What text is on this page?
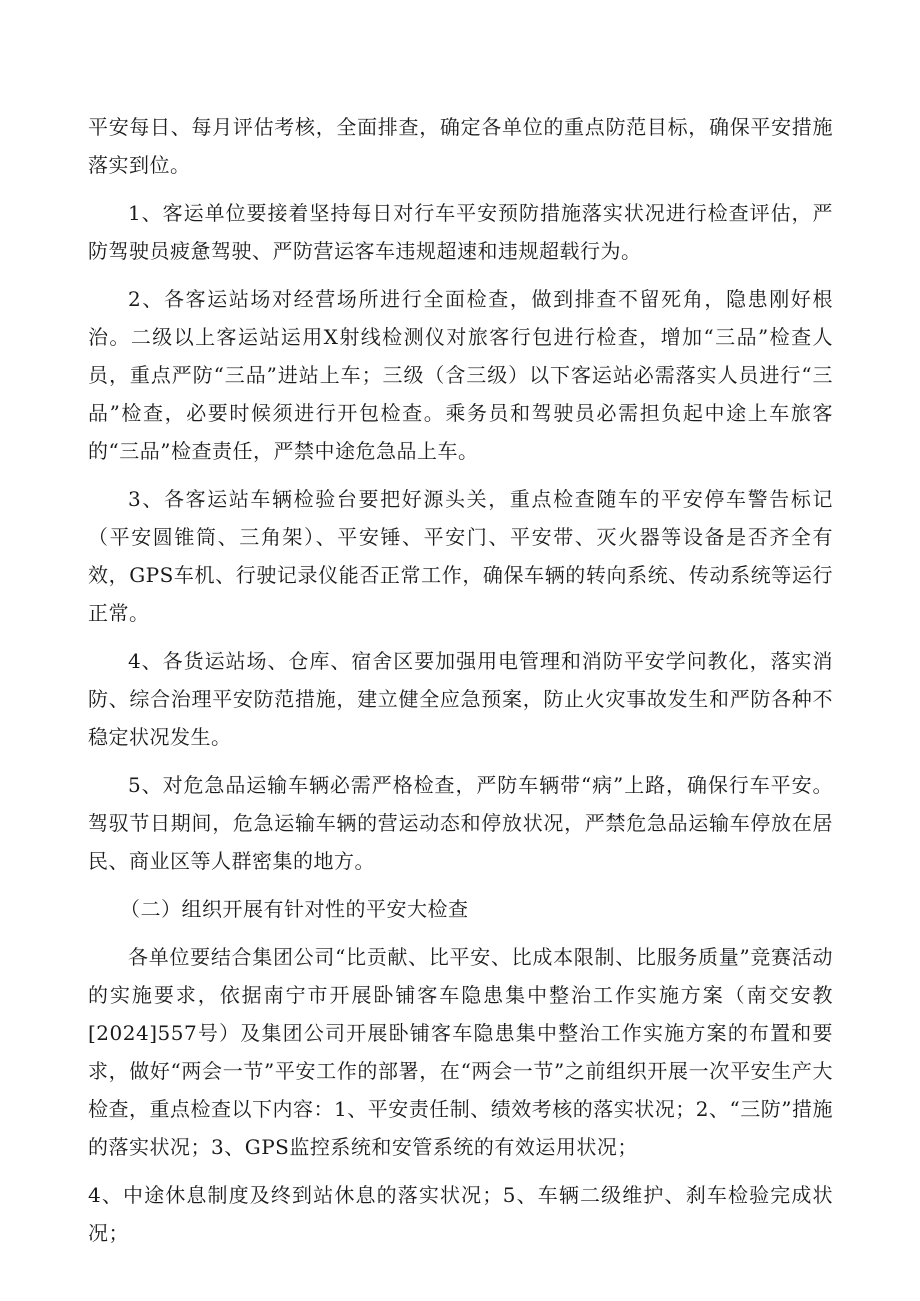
平安每日、每月评估考核，全面排查，确定各单位的重点防范目标，确保平安措施落实到位。

1、客运单位要接着坚持每日对行车平安预防措施落实状况进行检查评估，严防驾驶员疲惫驾驶、严防营运客车违规超速和违规超载行为。

2、各客运站场对经营场所进行全面检查，做到排查不留死角，隐患刚好根治。二级以上客运站运用X射线检测仪对旅客行包进行检查，增加“三品”检查人员，重点严防“三品”进站上车；三级（含三级）以下客运站必需落实人员进行“三品”检查，必要时候须进行开包检查。乘务员和驾驶员必需担负起中途上车旅客的“三品”检查责任，严禁中途危急品上车。

3、各客运站车辆检验台要把好源头关，重点检查随车的平安停车警告标记（平安圆锥筒、三角架）、平安锤、平安门、平安带、灭火器等设备是否齐全有效，GPS车机、行驶记录仪能否正常工作，确保车辆的转向系统、传动系统等运行正常。

4、各货运站场、仓库、宿舍区要加强用电管理和消防平安学问教化，落实消防、综合治理平安防范措施，建立健全应急预案，防止火灾事故发生和严防各种不稳定状况发生。

5、对危急品运输车辆必需严格检查，严防车辆带“病”上路，确保行车平安。驾驭节日期间，危急运输车辆的营运动态和停放状况，严禁危急品运输车停放在居民、商业区等人群密集的地方。

（二）组织开展有针对性的平安大检查

各单位要结合集团公司“比贡献、比平安、比成本限制、比服务质量”竞赛活动的实施要求，依据南宁市开展卧铺客车隐患集中整治工作实施方案（南交安教[2024]557号）及集团公司开展卧铺客车隐患集中整治工作实施方案的布置和要求，做好“两会一节”平安工作的部署，在“两会一节”之前组织开展一次平安生产大检查，重点检查以下内容：1、平安责任制、绩效考核的落实状况；2、“三防”措施的落实状况；3、GPS监控系统和安管系统的有效运用状况；

4、中途休息制度及终到站休息的落实状况；5、车辆二级维护、刹车检验完成状况；
